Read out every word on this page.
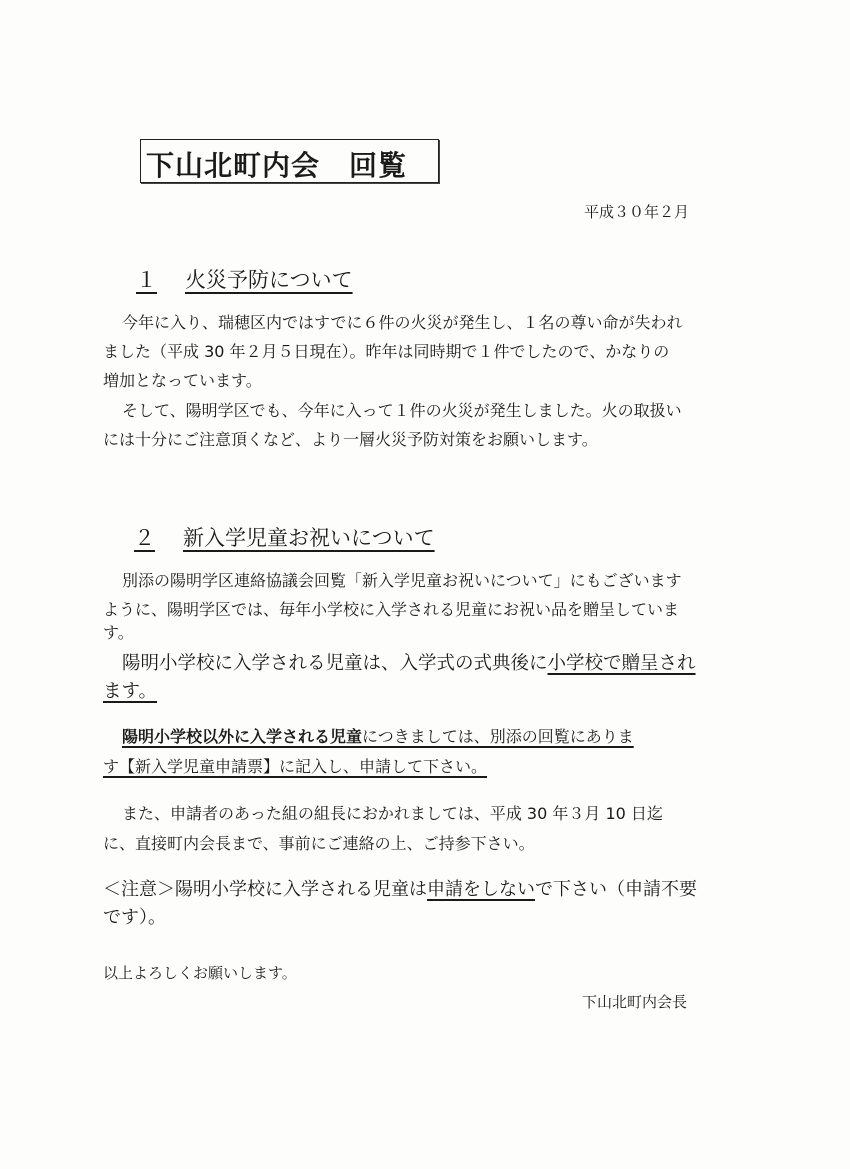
下山北町内会　回覧
平成３０年２月
１ 火災予防について
今年に入り、瑞穂区内ではすでに６件の火災が発生し、１名の尊い命が失われ
ました（平成 30 年２月５日現在）。昨年は同時期で１件でしたので、かなりの
増加となっています。
そして、陽明学区でも、今年に入って１件の火災が発生しました。火の取扱い
には十分にご注意頂くなど、より一層火災予防対策をお願いします。
２ 新入学児童お祝いについて
別添の陽明学区連絡協議会回覧「新入学児童お祝いについて」にもございます
ように、陽明学区では、毎年小学校に入学される児童にお祝い品を贈呈していま
す。
陽明小学校に入学される児童は、入学式の式典後に小学校で贈呈され
ます。
陽明小学校以外に入学される児童につきましては、別添の回覧にありま
す【新入学児童申請票】に記入し、申請して下さい。
また、申請者のあった組の組長におかれましては、平成 30 年３月 10 日迄
に、直接町内会長まで、事前にご連絡の上、ご持参下さい。
＜注意＞陽明小学校に入学される児童は申請をしないで下さい（申請不要
です）。
以上よろしくお願いします。
下山北町内会長
